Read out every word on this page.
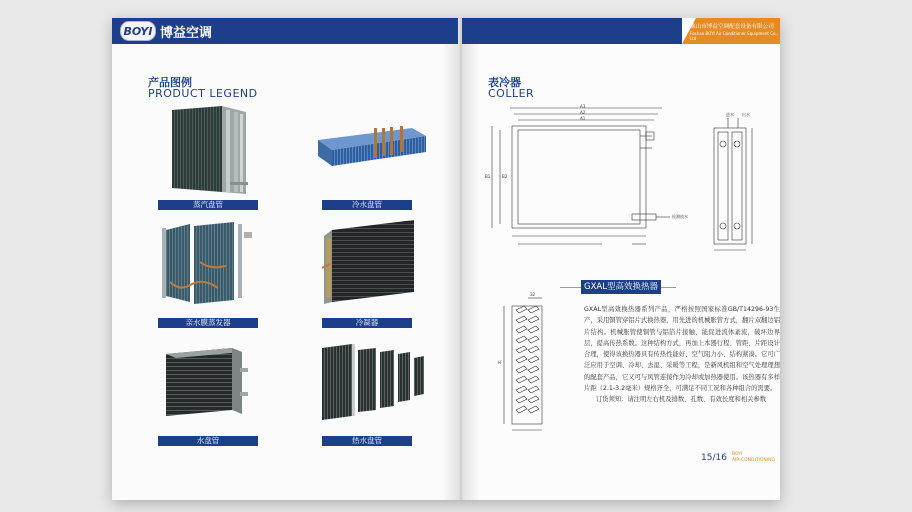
BOYI 博益空调	佛山市博益空调配套设备有限公司
Foshan BOYI Air Conditioner Equipment Co., Ltd
产品图例
PRODUCT LEGEND
蒸汽盘管	冷水盘管
亲水膜蒸发器	冷凝器
水盘管	热水盘管
表冷器
COLLER
A3
A2
A1
B1	B2
检测放水
进水 出水
32
H
GXAL型高效换热器
GXAL型高效换热器系列产品，严格按照国家标准GB/T14296-93生产，采用铜管穿铝片式换热器，用先进的机械胀管方式，翻片双翻边铝片结构。机械胀管使铜管与铝箔片接触，能促进流体紊流，破坏边界层，提高传热系数。这种结构方式，再加上本器行程、管距、片距设计合理，使得该换热器具有传热性能好、空气阻力小、结构紧凑。它可广泛应用于空调、冷却、去湿、采暖等工程，是新风机组和空气处理理想的配套产品，它又可与风管连接作为冷却或加热器使用。该热器有多样片距（2.1-3.2毫米）规格齐全，可满足不同工况和各种组合的需要。
订货须知：请注明左右机及排数、孔数、有效长度和相关参数
15/16 BOYI
AIR-CONDITIONING
